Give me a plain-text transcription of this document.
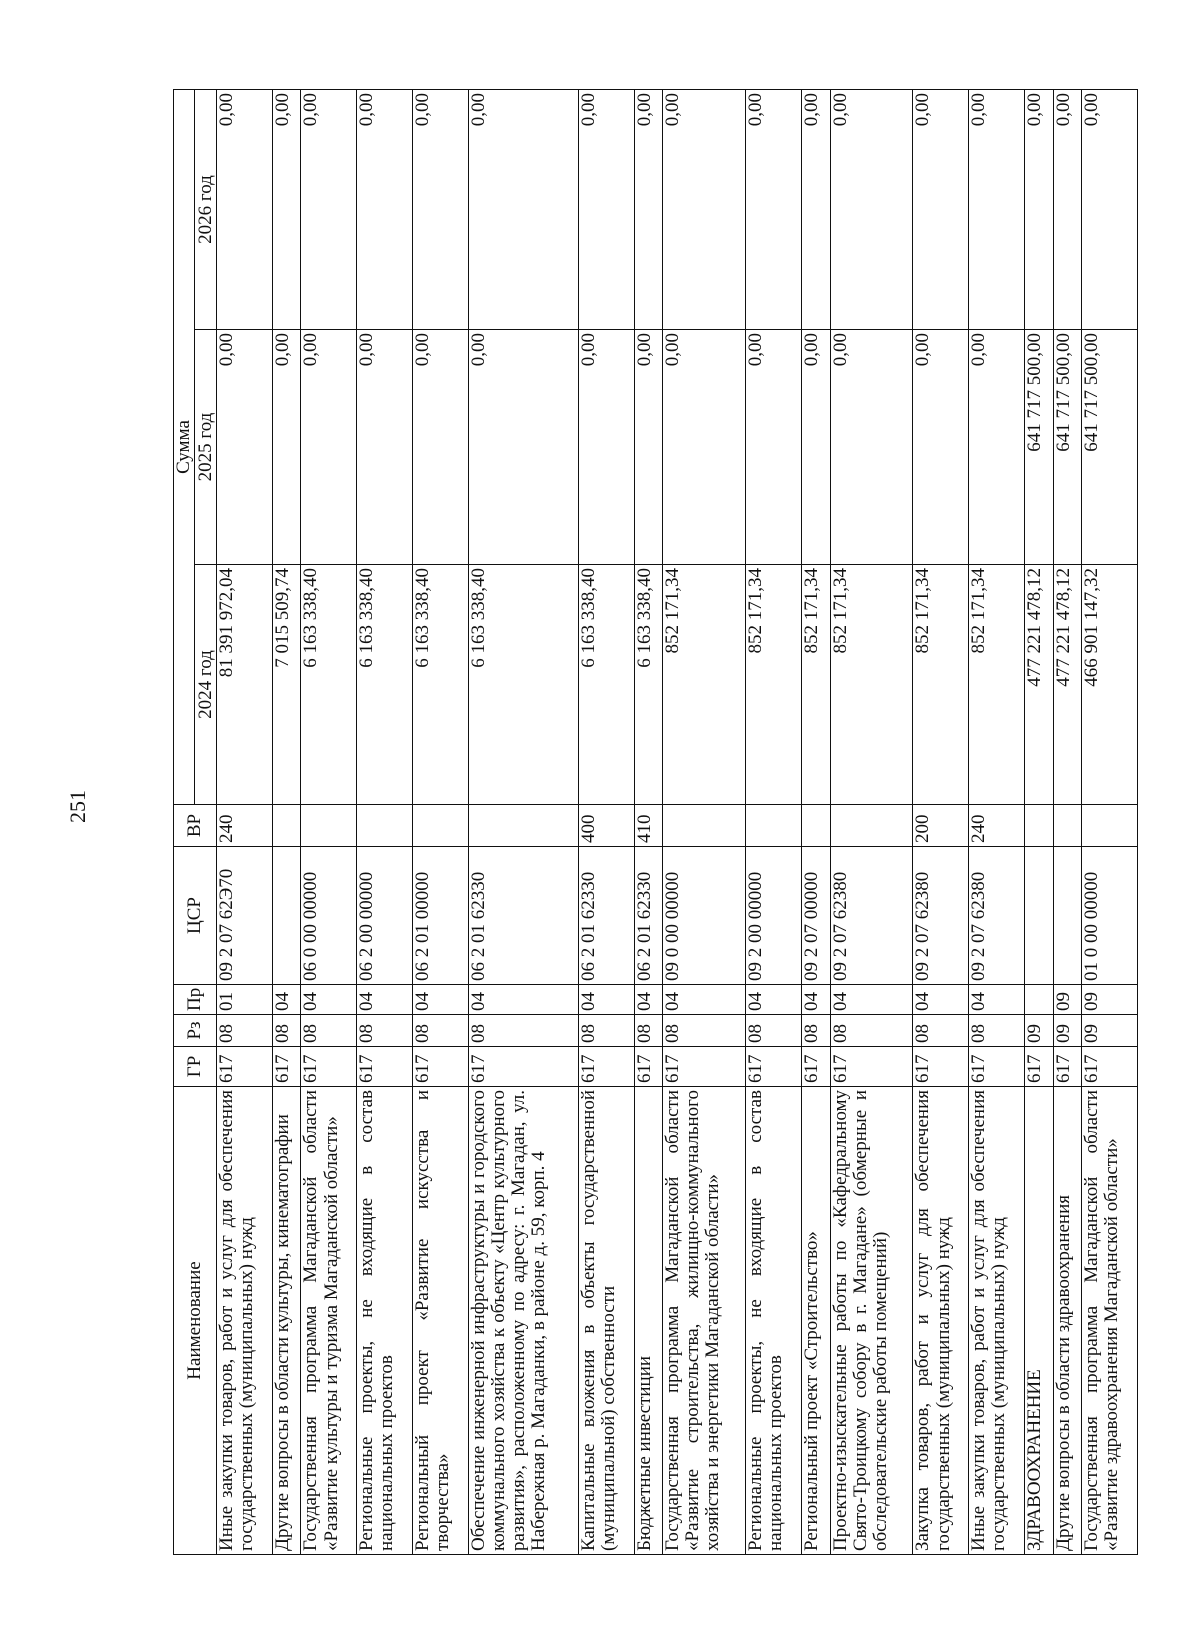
251
Наименование	ГР	Рз	Пр	ЦСР	ВР	Сумма		
						2024 год	2025 год	2026 год
Иные закупки товаров, работ и услуг для обеспечения государственных (муниципальных) нужд	617	08	01	09 2 07 62Э70	240	81 391 972,04	0,00	0,00
Другие вопросы в области культуры, кинематографии	617	08	04			7 015 509,74	0,00	0,00
Государственная программа Магаданской области «Развитие культуры и туризма Магаданской области»	617	08	04	06 0 00 00000		6 163 338,40	0,00	0,00
Региональные проекты, не входящие в состав национальных проектов	617	08	04	06 2 00 00000		6 163 338,40	0,00	0,00
Региональный проект «Развитие искусства и творчества»	617	08	04	06 2 01 00000		6 163 338,40	0,00	0,00
Обеспечение инженерной инфраструктуры и городского коммунального хозяйства к объекту «Центр культурного развития», расположенному по адресу: г. Магадан, ул. Набережная р. Магаданки, в районе д. 59, корп. 4	617	08	04	06 2 01 62330		6 163 338,40	0,00	0,00
Капитальные вложения в объекты государственной (муниципальной) собственности	617	08	04	06 2 01 62330	400	6 163 338,40	0,00	0,00
Бюджетные инвестиции	617	08	04	06 2 01 62330	410	6 163 338,40	0,00	0,00
Государственная программа Магаданской области «Развитие строительства, жилищно-коммунального хозяйства и энергетики Магаданской области»	617	08	04	09 0 00 00000		852 171,34	0,00	0,00
Региональные проекты, не входящие в состав национальных проектов	617	08	04	09 2 00 00000		852 171,34	0,00	0,00
Региональный проект «Строительство»	617	08	04	09 2 07 00000		852 171,34	0,00	0,00
Проектно-изыскательные работы по «Кафедральному Свято-Троицкому собору в г. Магадане» (обмерные и обследовательские работы помещений)	617	08	04	09 2 07 62380		852 171,34	0,00	0,00
Закупка товаров, работ и услуг для обеспечения государственных (муниципальных) нужд	617	08	04	09 2 07 62380	200	852 171,34	0,00	0,00
Иные закупки товаров, работ и услуг для обеспечения государственных (муниципальных) нужд	617	08	04	09 2 07 62380	240	852 171,34	0,00	0,00
ЗДРАВООХРАНЕНИЕ	617	09				477 221 478,12	641 717 500,00	0,00
Другие вопросы в области здравоохранения	617	09	09			477 221 478,12	641 717 500,00	0,00
Государственная программа Магаданской области «Развитие здравоохранения Магаданской области»	617	09	09	01 0 00 00000		466 901 147,32	641 717 500,00	0,00
